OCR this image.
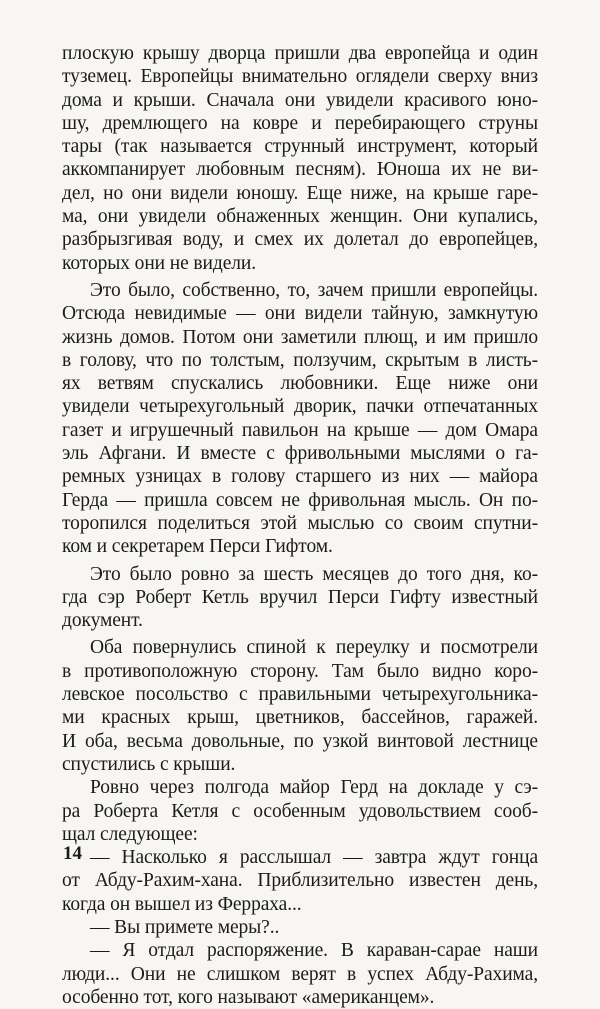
плоскую крышу дворца пришли два европейца и один
туземец. Европейцы внимательно оглядели сверху вниз
дома и крыши. Сначала они увидели красивого юно-
шу, дремлющего на ковре и перебирающего струны
тары (так называется струнный инструмент, который
аккомпанирует любовным песням). Юноша их не ви-
дел, но они видели юношу. Еще ниже, на крыше гаре-
ма, они увидели обнаженных женщин. Они купались,
разбрызгивая воду, и смех их долетал до европейцев,
которых они не видели.
Это было, собственно, то, зачем пришли европейцы.
Отсюда невидимые — они видели тайную, замкнутую
жизнь домов. Потом они заметили плющ, и им пришло
в голову, что по толстым, ползучим, скрытым в листь-
ях ветвям спускались любовники. Еще ниже они
увидели четырехугольный дворик, пачки отпечатанных
газет и игрушечный павильон на крыше — дом Омара
эль Афгани. И вместе с фривольными мыслями о га-
ремных узницах в голову старшего из них — майора
Герда — пришла совсем не фривольная мысль. Он по-
торопился поделиться этой мыслью со своим спутни-
ком и секретарем Перси Гифтом.
Это было ровно за шесть месяцев до того дня, ко-
гда сэр Роберт Кетль вручил Перси Гифту известный
документ.
Оба повернулись спиной к переулку и посмотрели
в противоположную сторону. Там было видно коро-
левское посольство с правильными четырехугольника-
ми красных крыш, цветников, бассейнов, гаражей.
И оба, весьма довольные, по узкой винтовой лестнице
спустились с крыши.
Ровно через полгода майор Герд на докладе у сэ-
ра Роберта Кетля с особенным удовольствием сооб-
щал следующее:
— Насколько я расслышал — завтра ждут гонца
от Абду-Рахим-хана. Приблизительно известен день,
когда он вышел из Ферраха...
— Вы примете меры?..
— Я отдал распоряжение. В караван-сарае наши
люди... Они не слишком верят в успех Абду-Рахима,
особенно тот, кого называют «американцем».
14
